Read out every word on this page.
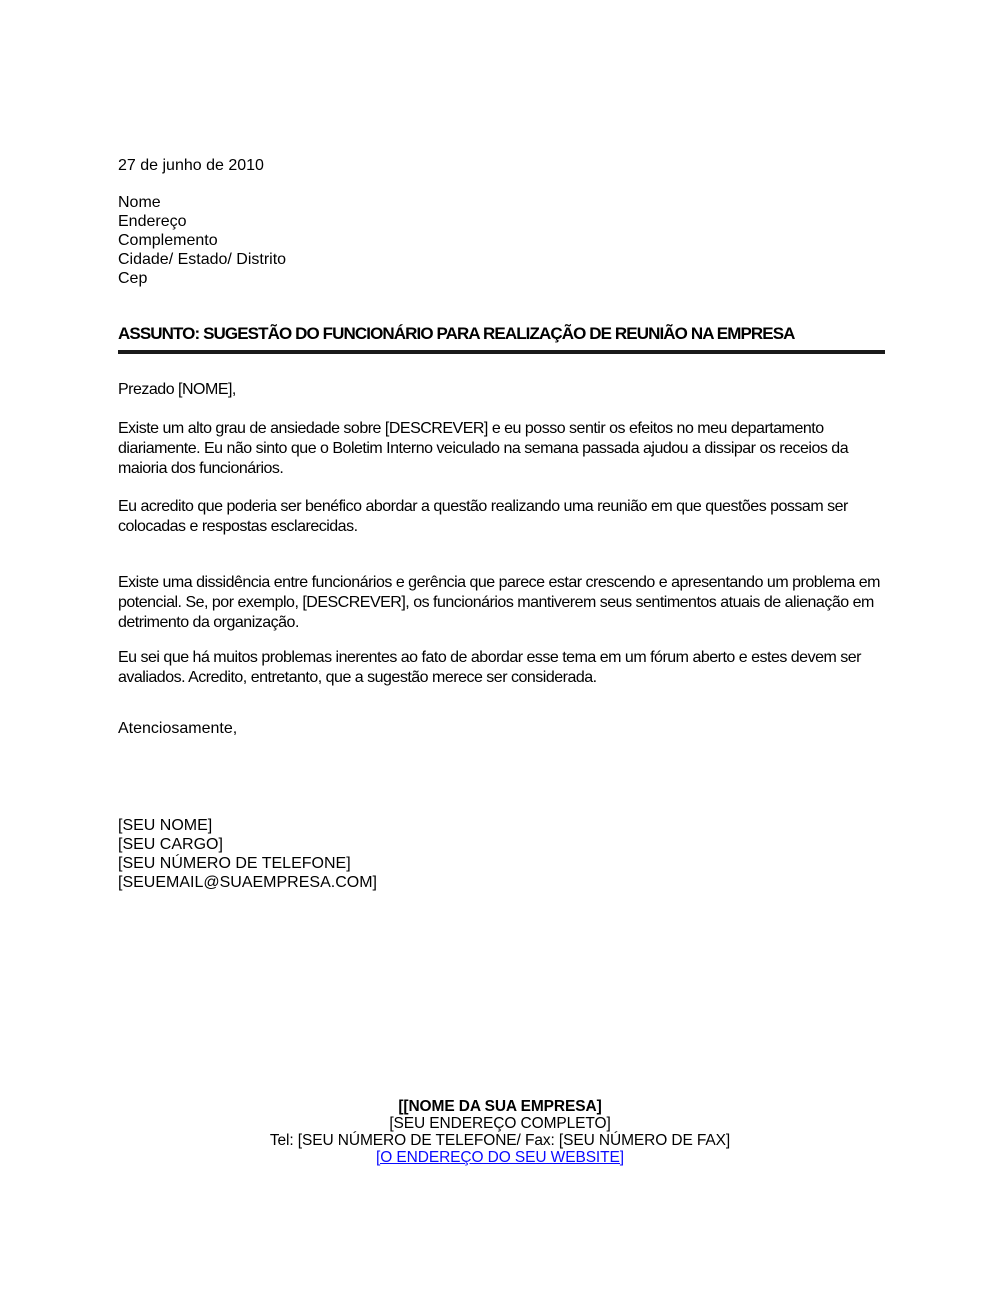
27 de junho de 2010
Nome
Endereço
Complemento
Cidade/ Estado/ Distrito
Cep
ASSUNTO: SUGESTÃO DO FUNCIONÁRIO PARA REALIZAÇÃO DE REUNIÃO NA EMPRESA
Prezado [NOME],
Existe um alto grau de ansiedade sobre [DESCREVER] e eu posso sentir os efeitos no meu departamento diariamente. Eu não sinto que o Boletim Interno veiculado na semana passada ajudou a dissipar os receios da maioria dos funcionários.
Eu acredito que poderia ser benéfico abordar a questão realizando uma reunião em que questões possam ser colocadas e respostas esclarecidas.
Existe uma dissidência entre funcionários e gerência que parece estar crescendo e apresentando um problema em potencial. Se, por exemplo, [DESCREVER], os funcionários mantiverem seus sentimentos atuais de alienação em detrimento da organização.
Eu sei que há muitos problemas inerentes ao fato de abordar esse tema em um fórum aberto e estes devem ser avaliados. Acredito, entretanto, que a sugestão merece ser considerada.
Atenciosamente,
[SEU NOME]
[SEU CARGO]
[SEU NÚMERO DE TELEFONE]
[SEUEMAIL@SUAEMPRESA.COM]
[[NOME DA SUA EMPRESA]
[SEU ENDEREÇO COMPLETO]
Tel: [SEU NÚMERO DE TELEFONE/ Fax: [SEU NÚMERO DE FAX]
[O ENDEREÇO DO SEU WEBSITE]
